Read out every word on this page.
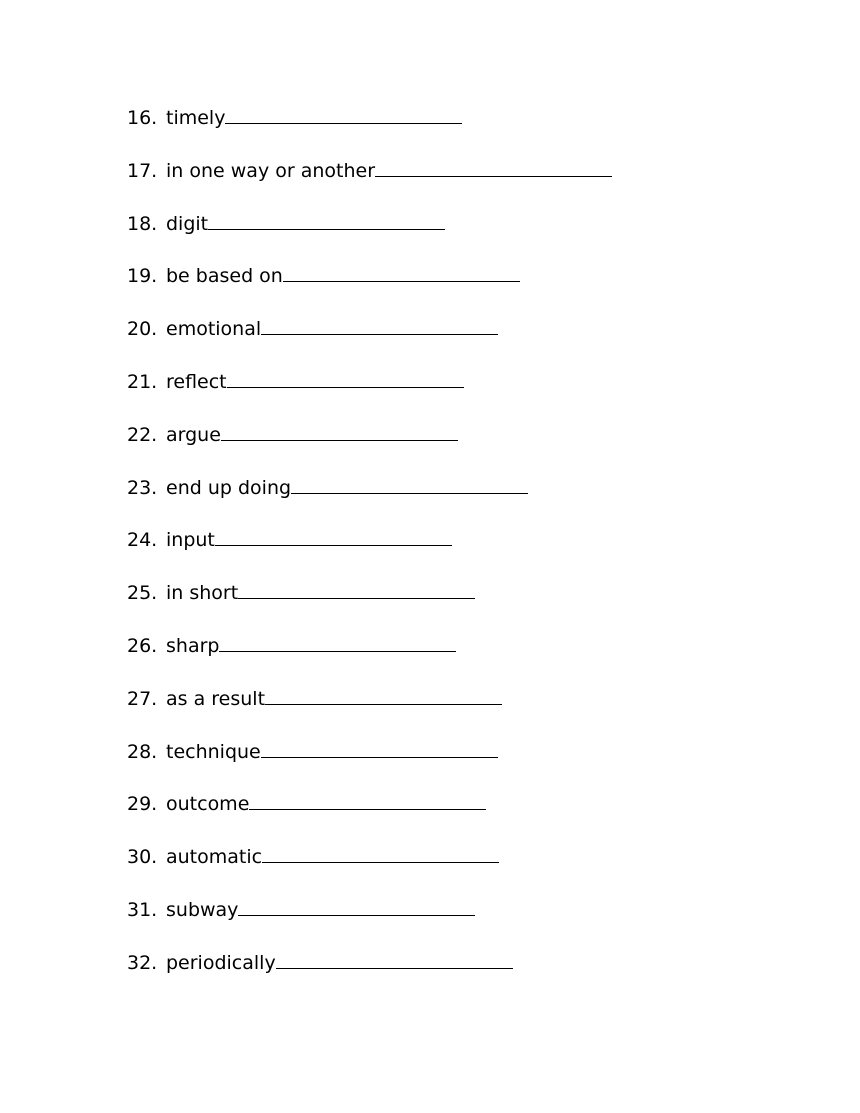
16. timely
17. in one way or another
18. digit
19. be based on
20. emotional
21. reflect
22. argue
23. end up doing
24. input
25. in short
26. sharp
27. as a result
28. technique
29. outcome
30. automatic
31. subway
32. periodically
